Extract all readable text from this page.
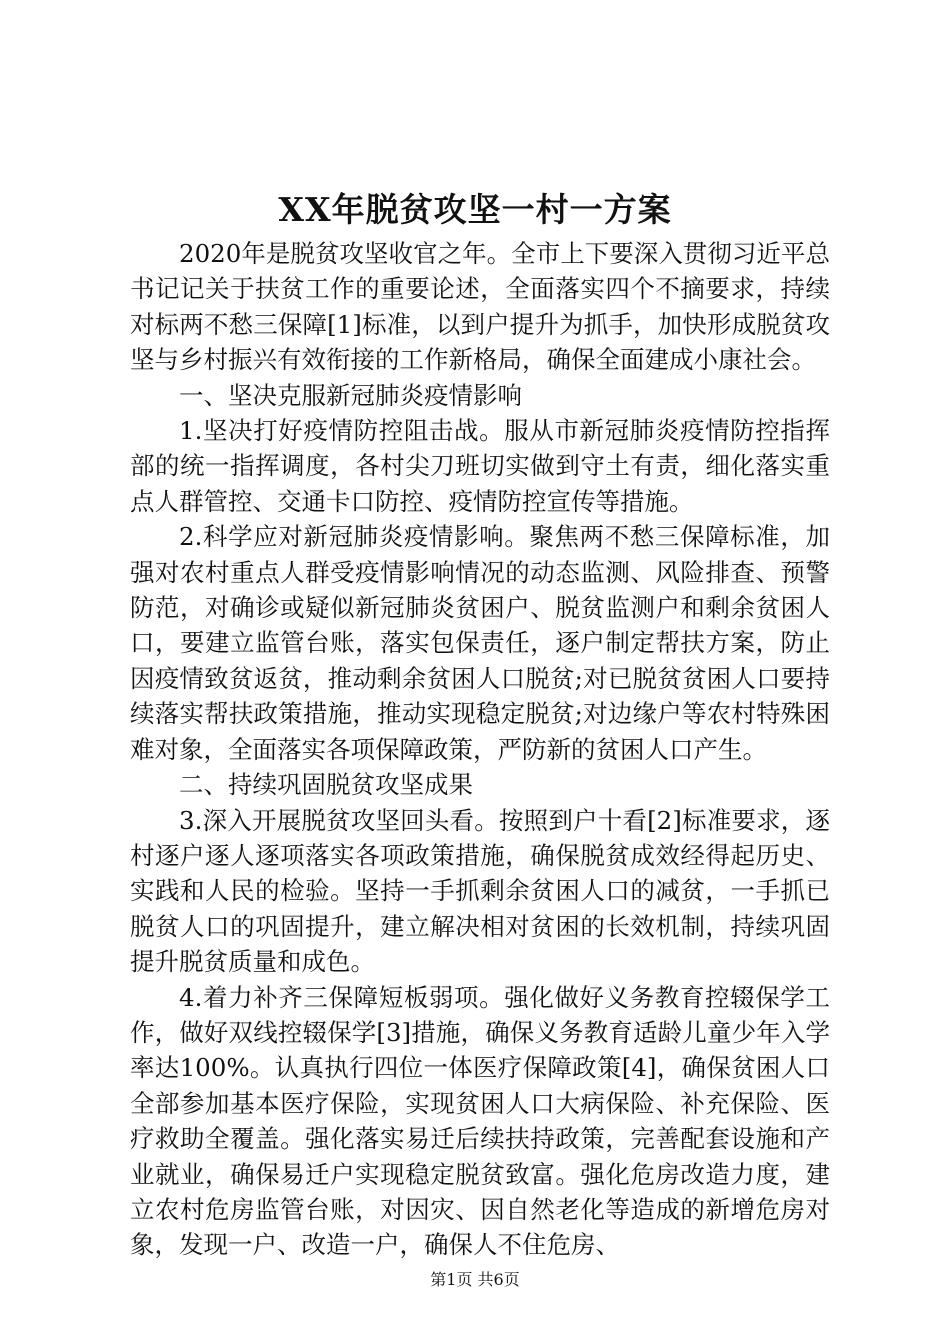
XX年脱贫攻坚一村一方案

2020年是脱贫攻坚收官之年。全市上下要深入贯彻习近平总书记记关于扶贫工作的重要论述，全面落实四个不摘要求，持续对标两不愁三保障[1]标准，以到户提升为抓手，加快形成脱贫攻坚与乡村振兴有效衔接的工作新格局，确保全面建成小康社会。

一、坚决克服新冠肺炎疫情影响

1.坚决打好疫情防控阻击战。服从市新冠肺炎疫情防控指挥部的统一指挥调度，各村尖刀班切实做到守土有责，细化落实重点人群管控、交通卡口防控、疫情防控宣传等措施。

2.科学应对新冠肺炎疫情影响。聚焦两不愁三保障标准，加强对农村重点人群受疫情影响情况的动态监测、风险排查、预警防范，对确诊或疑似新冠肺炎贫困户、脱贫监测户和剩余贫困人口，要建立监管台账，落实包保责任，逐户制定帮扶方案，防止因疫情致贫返贫，推动剩余贫困人口脱贫;对已脱贫贫困人口要持续落实帮扶政策措施，推动实现稳定脱贫;对边缘户等农村特殊困难对象，全面落实各项保障政策，严防新的贫困人口产生。

二、持续巩固脱贫攻坚成果

3.深入开展脱贫攻坚回头看。按照到户十看[2]标准要求，逐村逐户逐人逐项落实各项政策措施，确保脱贫成效经得起历史、实践和人民的检验。坚持一手抓剩余贫困人口的减贫，一手抓已脱贫人口的巩固提升，建立解决相对贫困的长效机制，持续巩固提升脱贫质量和成色。

4.着力补齐三保障短板弱项。强化做好义务教育控辍保学工作，做好双线控辍保学[3]措施，确保义务教育适龄儿童少年入学率达100%。认真执行四位一体医疗保障政策[4]，确保贫困人口全部参加基本医疗保险，实现贫困人口大病保险、补充保险、医疗救助全覆盖。强化落实易迁后续扶持政策，完善配套设施和产业就业，确保易迁户实现稳定脱贫致富。强化危房改造力度，建立农村危房监管台账，对因灾、因自然老化等造成的新增危房对象，发现一户、改造一户，确保人不住危房、

第1页 共6页
